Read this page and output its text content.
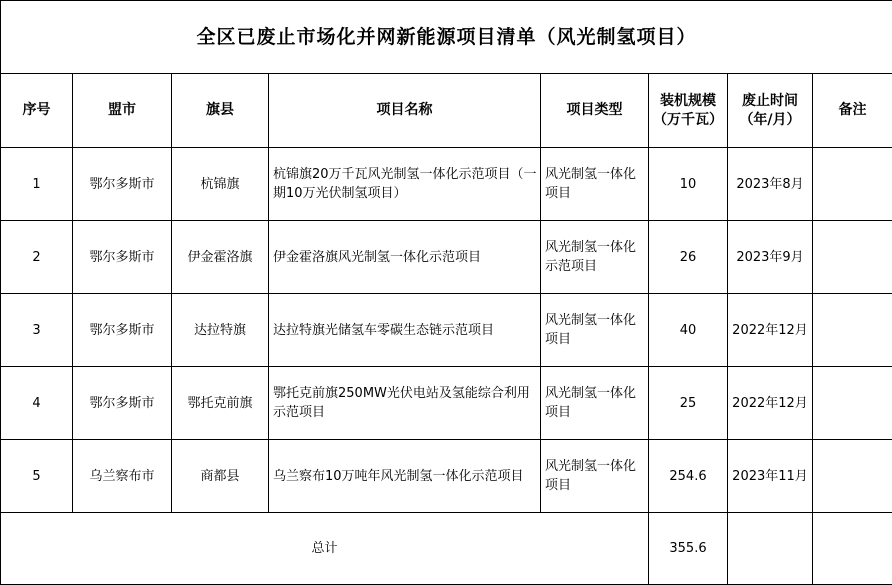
全区已废止市场化并网新能源项目清单（风光制氢项目）							
序号	盟市	旗县	项目名称	项目类型	装机规模（万千瓦）	废止时间（年/月）	备注
1	鄂尔多斯市	杭锦旗	杭锦旗20万千瓦风光制氢一体化示范项目（一期10万光伏制氢项目）	风光制氢一体化项目	10	2023年8月	
2	鄂尔多斯市	伊金霍洛旗	伊金霍洛旗风光制氢一体化示范项目	风光制氢一体化示范项目	26	2023年9月	
3	鄂尔多斯市	达拉特旗	达拉特旗光储氢车零碳生态链示范项目	风光制氢一体化项目	40	2022年12月	
4	鄂尔多斯市	鄂托克前旗	鄂托克前旗250MW光伏电站及氢能综合利用示范项目	风光制氢一体化项目	25	2022年12月	
5	乌兰察布市	商都县	乌兰察布10万吨年风光制氢一体化示范项目	风光制氢一体化项目	254.6	2023年11月	
总计					355.6		
